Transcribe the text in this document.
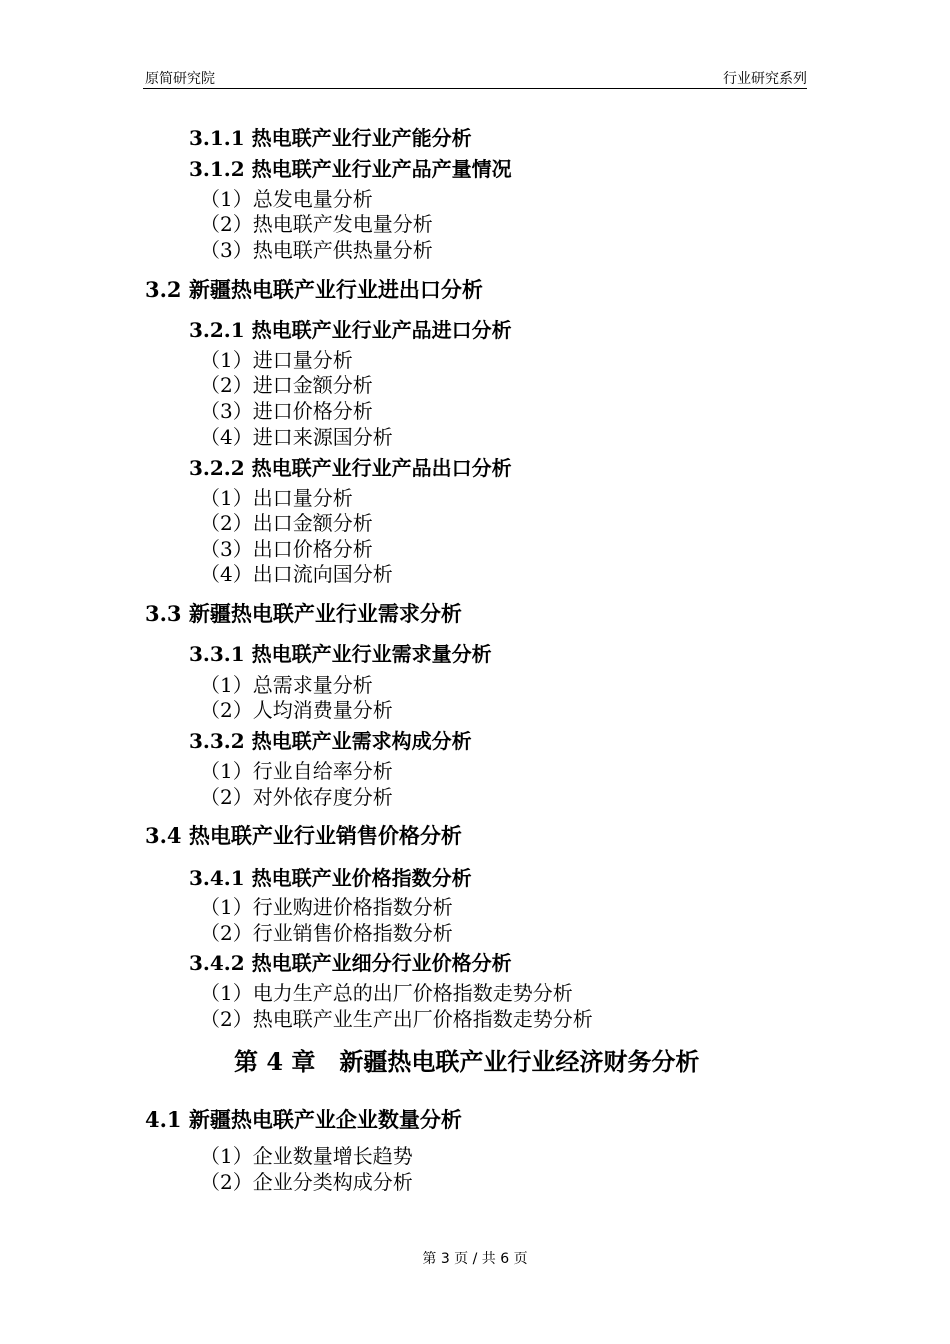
原简研究院	行业研究系列
3.1.1 热电联产业行业产能分析
3.1.2 热电联产业行业产品产量情况
（1）总发电量分析
（2）热电联产发电量分析
（3）热电联产供热量分析
3.2 新疆热电联产业行业进出口分析
3.2.1 热电联产业行业产品进口分析
（1）进口量分析
（2）进口金额分析
（3）进口价格分析
（4）进口来源国分析
3.2.2 热电联产业行业产品出口分析
（1）出口量分析
（2）出口金额分析
（3）出口价格分析
（4）出口流向国分析
3.3 新疆热电联产业行业需求分析
3.3.1 热电联产业行业需求量分析
（1）总需求量分析
（2）人均消费量分析
3.3.2 热电联产业需求构成分析
（1）行业自给率分析
（2）对外依存度分析
3.4 热电联产业行业销售价格分析
3.4.1 热电联产业价格指数分析
（1）行业购进价格指数分析
（2）行业销售价格指数分析
3.4.2 热电联产业细分行业价格分析
（1）电力生产总的出厂价格指数走势分析
（2）热电联产业生产出厂价格指数走势分析
第 4 章　新疆热电联产业行业经济财务分析
4.1 新疆热电联产业企业数量分析
（1）企业数量增长趋势
（2）企业分类构成分析
第 3 页 / 共 6 页
